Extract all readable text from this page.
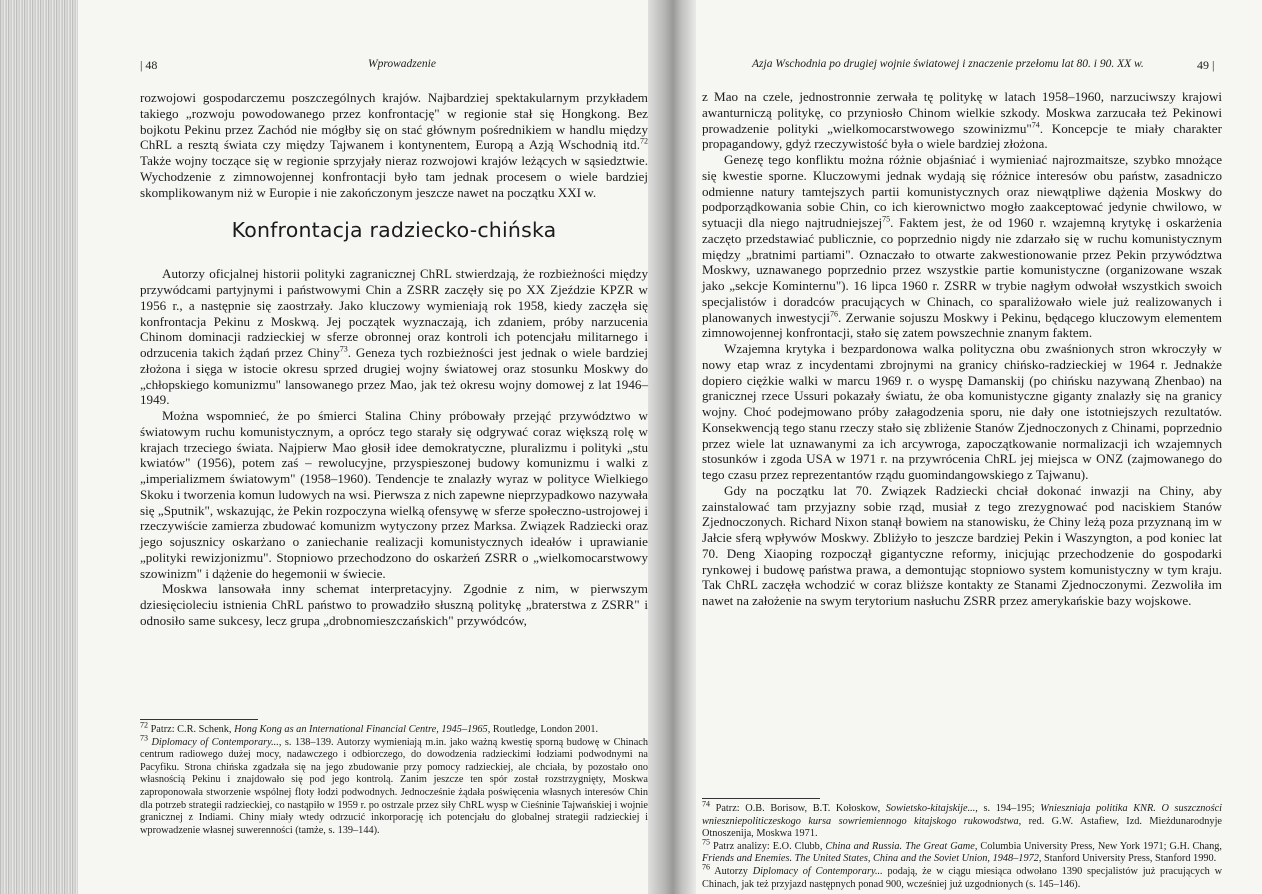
| 48	Wprowadzenie

rozwojowi gospodarczemu poszczególnych krajów. Najbardziej spektakularnym przykładem takiego „rozwoju powodowanego przez konfrontację" w regionie stał się Hongkong. Bez bojkotu Pekinu przez Zachód nie mógłby się on stać głównym pośrednikiem w handlu między ChRL a resztą świata czy między Tajwanem i kontynentem, Europą a Azją Wschodnią itd.$^{72}$ Także wojny toczące się w regionie sprzyjały nieraz rozwojowi krajów leżących w sąsiedztwie. Wychodzenie z zimnowojennej konfrontacji było tam jednak procesem o wiele bardziej skomplikowanym niż w Europie i nie zakończonym jeszcze nawet na początku XXI w.

Konfrontacja radziecko-chińska

Autorzy oficjalnej historii polityki zagranicznej ChRL stwierdzają, że rozbieżności między przywódcami partyjnymi i państwowymi Chin a ZSRR zaczęły się po XX Zjeździe KPZR w 1956 r., a następnie się zaostrzały. Jako kluczowy wymieniają rok 1958, kiedy zaczęła się konfrontacja Pekinu z Moskwą. Jej początek wyznaczają, ich zdaniem, próby narzucenia Chinom dominacji radzieckiej w sferze obronnej oraz kontroli ich potencjału militarnego i odrzucenia takich żądań przez Chiny$^{73}$. Geneza tych rozbieżności jest jednak o wiele bardziej złożona i sięga w istocie okresu sprzed drugiej wojny światowej oraz stosunku Moskwy do „chłopskiego komunizmu" lansowanego przez Mao, jak też okresu wojny domowej z lat 1946–1949.

Można wspomnieć, że po śmierci Stalina Chiny próbowały przejąć przywództwo w światowym ruchu komunistycznym, a oprócz tego starały się odgrywać coraz większą rolę w krajach trzeciego świata. Najpierw Mao głosił idee demokratyczne, pluralizmu i polityki „stu kwiatów" (1956), potem zaś – rewolucyjne, przyspieszonej budowy komunizmu i walki z „imperializmem światowym" (1958–1960). Tendencje te znalazły wyraz w polityce Wielkiego Skoku i tworzenia komun ludowych na wsi. Pierwsza z nich zapewne nieprzypadkowo nazywała się „Sputnik", wskazując, że Pekin rozpoczyna wielką ofensywę w sferze społeczno-ustrojowej i rzeczywiście zamierza zbudować komunizm wytyczony przez Marksa. Związek Radziecki oraz jego sojusznicy oskarżano o zaniechanie realizacji komunistycznych ideałów i uprawianie „polityki rewizjonizmu". Stopniowo przechodzono do oskarżeń ZSRR o „wielkomocarstwowy szowinizm" i dążenie do hegemonii w świecie.

Moskwa lansowała inny schemat interpretacyjny. Zgodnie z nim, w pierwszym dziesięcioleciu istnienia ChRL państwo to prowadziło słuszną politykę „braterstwa z ZSRR" i odnosiło same sukcesy, lecz grupa „drobnomieszczańskich" przywódców,

$^{72}$ Patrz: C.R. Schenk, Hong Kong as an International Financial Centre, 1945–1965, Routledge, London 2001.

$^{73}$ Diplomacy of Contemporary..., s. 138–139. Autorzy wymieniają m.in. jako ważną kwestię sporną budowę w Chinach centrum radiowego dużej mocy, nadawczego i odbiorczego, do dowodzenia radzieckimi łodziami podwodnymi na Pacyfiku. Strona chińska zgadzała się na jego zbudowanie przy pomocy radzieckiej, ale chciała, by pozostało ono własnością Pekinu i znajdowało się pod jego kontrolą. Zanim jeszcze ten spór został rozstrzygnięty, Moskwa zaproponowała stworzenie wspólnej floty łodzi podwodnych. Jednocześnie żądała poświęcenia własnych interesów Chin dla potrzeb strategii radzieckiej, co nastąpiło w 1959 r. po ostrzale przez siły ChRL wysp w Cieśninie Tajwańskiej i wojnie granicznej z Indiami. Chiny miały wtedy odrzucić inkorporację ich potencjału do globalnej strategii radzieckiej i wprowadzenie własnej suwerenności (tamże, s. 139–144).

Azja Wschodnia po drugiej wojnie światowej i znaczenie przełomu lat 80. i 90. XX w.	49 |

z Mao na czele, jednostronnie zerwała tę politykę w latach 1958–1960, narzuciwszy krajowi awanturniczą politykę, co przyniosło Chinom wielkie szkody. Moskwa zarzucała też Pekinowi prowadzenie polityki „wielkomocarstwowego szowinizmu"$^{74}$. Koncepcje te miały charakter propagandowy, gdyż rzeczywistość była o wiele bardziej złożona.

Genezę tego konfliktu można różnie objaśniać i wymieniać najrozmaitsze, szybko mnożące się kwestie sporne. Kluczowymi jednak wydają się różnice interesów obu państw, zasadniczo odmienne natury tamtejszych partii komunistycznych oraz niewątpliwe dążenia Moskwy do podporządkowania sobie Chin, co ich kierownictwo mogło zaakceptować jedynie chwilowo, w sytuacji dla niego najtrudniejszej$^{75}$. Faktem jest, że od 1960 r. wzajemną krytykę i oskarżenia zaczęto przedstawiać publicznie, co poprzednio nigdy nie zdarzało się w ruchu komunistycznym między „bratnimi partiami". Oznaczało to otwarte zakwestionowanie przez Pekin przywództwa Moskwy, uznawanego poprzednio przez wszystkie partie komunistyczne (organizowane wszak jako „sekcje Kominternu"). 16 lipca 1960 r. ZSRR w trybie nagłym odwołał wszystkich swoich specjalistów i doradców pracujących w Chinach, co sparaliżowało wiele już realizowanych i planowanych inwestycji$^{76}$. Zerwanie sojuszu Moskwy i Pekinu, będącego kluczowym elementem zimnowojennej konfrontacji, stało się zatem powszechnie znanym faktem.

Wzajemna krytyka i bezpardonowa walka polityczna obu zwaśnionych stron wkroczyły w nowy etap wraz z incydentami zbrojnymi na granicy chińsko-radzieckiej w 1964 r. Jednakże dopiero ciężkie walki w marcu 1969 r. o wyspę Damanskij (po chińsku nazywaną Zhenbao) na granicznej rzece Ussuri pokazały światu, że oba komunistyczne giganty znalazły się na granicy wojny. Choć podejmowano próby załagodzenia sporu, nie dały one istotniejszych rezultatów. Konsekwencją tego stanu rzeczy stało się zbliżenie Stanów Zjednoczonych z Chinami, poprzednio przez wiele lat uznawanymi za ich arcywroga, zapoczątkowanie normalizacji ich wzajemnych stosunków i zgoda USA w 1971 r. na przywrócenia ChRL jej miejsca w ONZ (zajmowanego do tego czasu przez reprezentantów rządu guomindangowskiego z Tajwanu).

Gdy na początku lat 70. Związek Radziecki chciał dokonać inwazji na Chiny, aby zainstalować tam przyjazny sobie rząd, musiał z tego zrezygnować pod naciskiem Stanów Zjednoczonych. Richard Nixon stanął bowiem na stanowisku, że Chiny leżą poza przyznaną im w Jałcie sferą wpływów Moskwy. Zbliżyło to jeszcze bardziej Pekin i Waszyngton, a pod koniec lat 70. Deng Xiaoping rozpoczął gigantyczne reformy, inicjując przechodzenie do gospodarki rynkowej i budowę państwa prawa, a demontując stopniowo system komunistyczny w tym kraju. Tak ChRL zaczęła wchodzić w coraz bliższe kontakty ze Stanami Zjednoczonymi. Zezwoliła im nawet na założenie na swym terytorium nasłuchu ZSRR przez amerykańskie bazy wojskowe.

$^{74}$ Patrz: O.B. Borisow, B.T. Kołoskow, Sowietsko-kitajskije..., s. 194–195; Wnieszniaja politika KNR. O suszczności wnieszniepoliticzeskogo kursa sowriemiennogo kitajskogo rukowodstwa, red. G.W. Astafiew, Izd. Mieżdunarodnyje Otnoszenija, Moskwa 1971.

$^{75}$ Patrz analizy: E.O. Clubb, China and Russia. The Great Game, Columbia University Press, New York 1971; G.H. Chang, Friends and Enemies. The United States, China and the Soviet Union, 1948–1972, Stanford University Press, Stanford 1990.

$^{76}$ Autorzy Diplomacy of Contemporary... podają, że w ciągu miesiąca odwołano 1390 specjalistów już pracujących w Chinach, jak też przyjazd następnych ponad 900, wcześniej już uzgodnionych (s. 145–146).
